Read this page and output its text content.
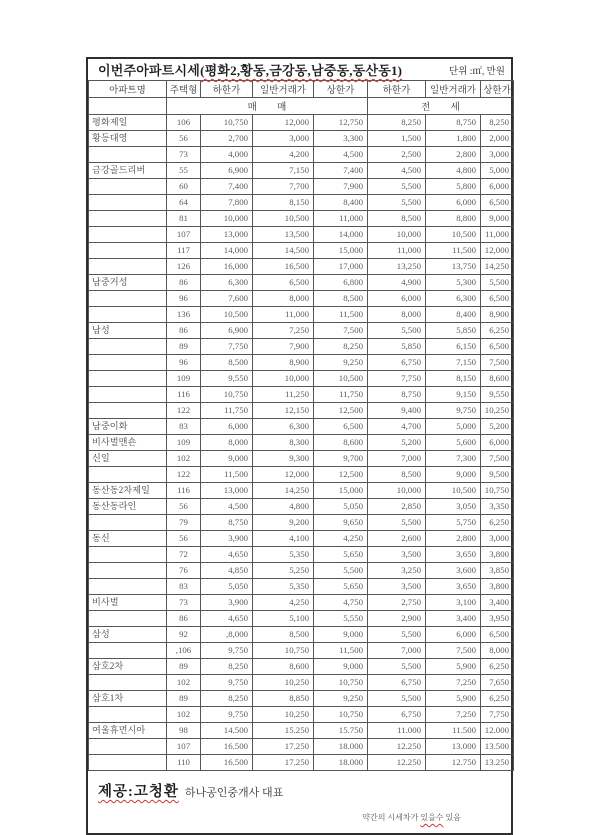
이번주아파트시세(평화2,황동,금강동,남중동,동산동1)	단위 :㎡, 만원
아파트명	주택형	하한가	일반거래가	상한가	하한가	일반거래가	상한가
	매 매				전 세		
평화제일	106	10,750	12,000	12,750	8,250	8,750	8,250
황등대영	56	2,700	3,000	3,300	1,500	1,800	2,000
	73	4,000	4,200	4,500	2,500	2,800	3,000
금강골드리버	55	6,900	7,150	7,400	4,500	4,800	5,000
	60	7,400	7,700	7,900	5,500	5,800	6,000
	64	7,800	8,150	8,400	5,500	6,000	6,500
	81	10,000	10,500	11,000	8,500	8,800	9,000
	107	13,000	13,500	14,000	10,000	10,500	11,000
	117	14,000	14,500	15,000	11,000	11,500	12,000
	126	16,000	16,500	17,000	13,250	13,750	14,250
남중거성	86	6,300	6,500	6,800	4,900	5,300	5,500
	96	7,600	8,000	8,500	6,000	6,300	6,500
	136	10,500	11,000	11,500	8,000	8,400	8,900
남성	86	6,900	7,250	7,500	5,500	5,850	6,250
	89	7,750	7,900	8,250	5,850	6,150	6,500
	96	8,500	8,900	9,250	6,750	7,150	7,500
	109	9,550	10,000	10,500	7,750	8,150	8,600
	116	10,750	11,250	11,750	8,750	9,150	9,550
	122	11,750	12,150	12,500	9,400	9,750	10,250
남중이화	83	6,000	6,300	6,500	4,700	5,000	5,200
비사벌맨숀	109	8,000	8,300	8,600	5,200	5,600	6,000
신일	102	9,000	9,300	9,700	7,000	7,300	7,500
	122	11,500	12,000	12,500	8,500	9,000	9,500
동산동2차제일	116	13,000	14,250	15,000	10,000	10,500	10,750
동산동라인	56	4,500	4,800	5,050	2,850	3,050	3,350
	79	8,750	9,200	9,650	5,500	5,750	6,250
동신	56	3,900	4,100	4,250	2,600	2,800	3,000
	72	4,650	5,350	5,650	3,500	3,650	3,800
	76	4,850	5,250	5,500	3,250	3,600	3,850
	83	5,050	5,350	5,650	3,500	3,650	3,800
비사벌	73	3,900	4,250	4,750	2,750	3,100	3,400
	86	4,650	5,100	5,550	2,900	3,400	3,950
삼성	92	,8,000	8,500	9,000	5,500	6,000	6,500
	,106	9,750	10,750	11,500	7,000	7,500	8,000
삼호2차	89	8,250	8,600	9,000	5,500	5,900	6,250
	102	9,750	10,250	10,750	6,750	7,250	7,650
삼호1차	89	8,250	8,850	9,250	5,500	5,900	6,250
	102	9,750	10,250	10,750	6,750	7,250	7,750
여울휴먼시아	98	14.500	15.250	15.750	11.000	11.500	12.000
	107	16.500	17.250	18.000	12.250	13.000	13.500
	110	16.500	17.250	18.000	12.250	12.750	13.250
제공:고청환 하나공인중개사 대표
약간의 시세차가 있을수 있음
